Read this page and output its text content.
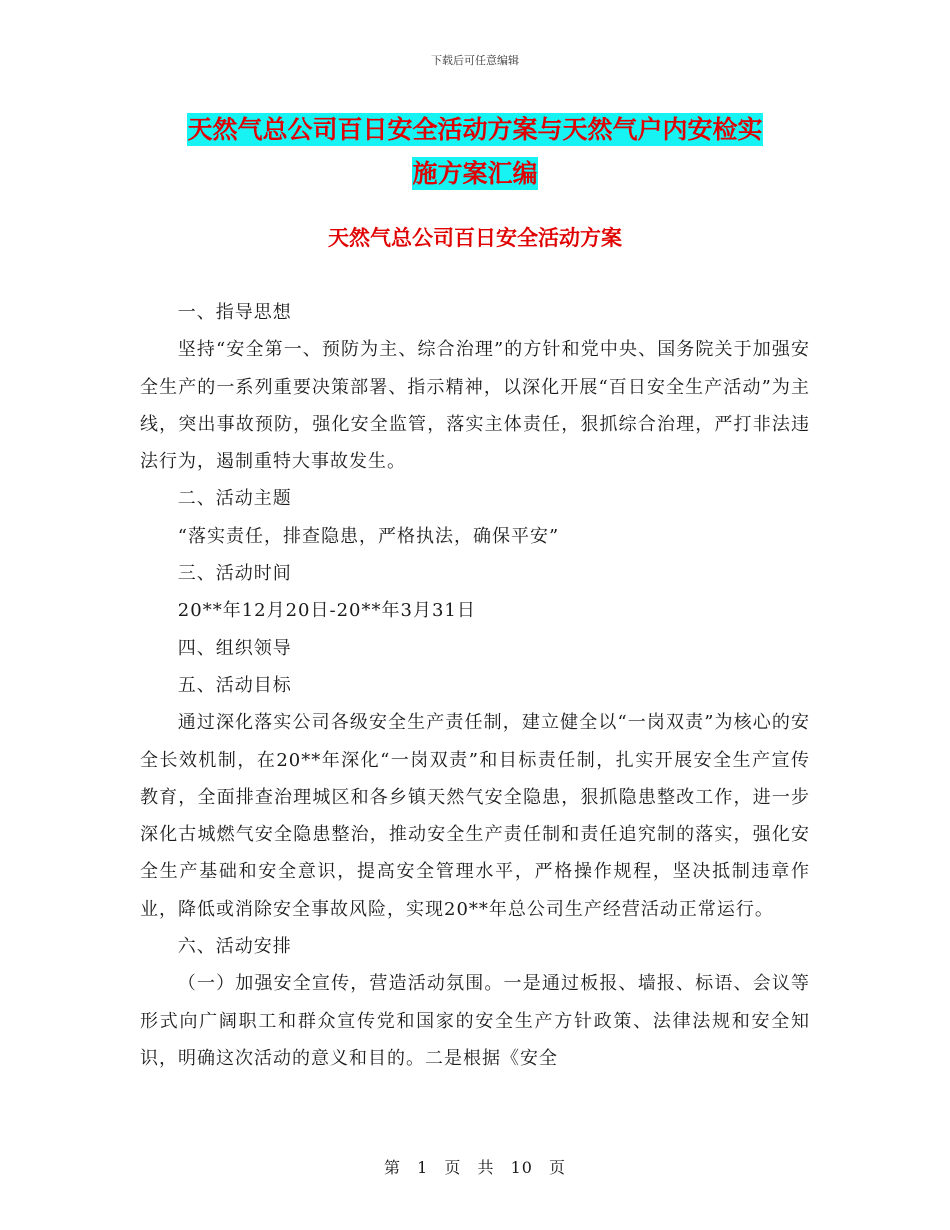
下载后可任意编辑
天然气总公司百日安全活动方案与天然气户内安检实
施方案汇编
天然气总公司百日安全活动方案

一、指导思想

坚持“安全第一、预防为主、综合治理”的方针和党中央、国务院关于加强安全生产的一系列重要决策部署、指示精神，以深化开展“百日安全生产活动”为主线，突出事故预防，强化安全监管，落实主体责任，狠抓综合治理，严打非法违法行为，遏制重特大事故发生。

二、活动主题

“落实责任，排查隐患，严格执法，确保平安”

三、活动时间

20**年12月20日-20**年3月31日

四、组织领导

五、活动目标

通过深化落实公司各级安全生产责任制，建立健全以“一岗双责”为核心的安全长效机制，在20**年深化“一岗双责”和目标责任制，扎实开展安全生产宣传教育，全面排查治理城区和各乡镇天然气安全隐患，狠抓隐患整改工作，进一步深化古城燃气安全隐患整治，推动安全生产责任制和责任追究制的落实，强化安全生产基础和安全意识，提高安全管理水平，严格操作规程，坚决抵制违章作业，降低或消除安全事故风险，实现20**年总公司生产经营活动正常运行。

六、活动安排

（一）加强安全宣传，营造活动氛围。一是通过板报、墙报、标语、会议等形式向广阔职工和群众宣传党和国家的安全生产方针政策、法律法规和安全知识，明确这次活动的意义和目的。二是根据《安全

第 1 页 共 10 页
